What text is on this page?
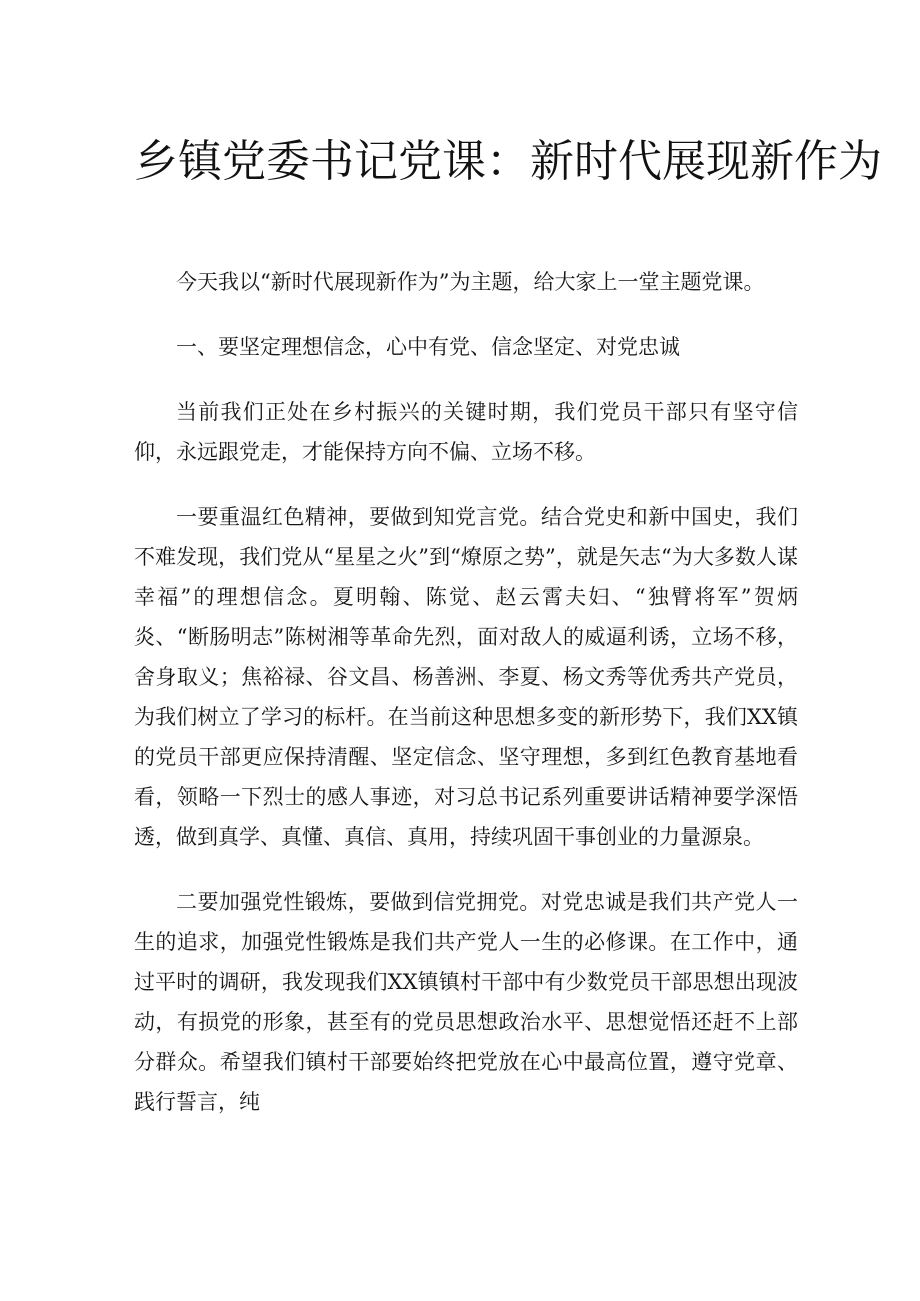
乡镇党委书记党课：新时代展现新作为

今天我以“新时代展现新作为”为主题，给大家上一堂主题党课。

一、要坚定理想信念，心中有党、信念坚定、对党忠诚

当前我们正处在乡村振兴的关键时期，我们党员干部只有坚守信仰，永远跟党走，才能保持方向不偏、立场不移。

一要重温红色精神，要做到知党言党。结合党史和新中国史，我们不难发现，我们党从“星星之火”到“燎原之势”，就是矢志“为大多数人谋幸福”的理想信念。夏明翰、陈觉、赵云霄夫妇、“独臂将军”贺炳炎、“断肠明志”陈树湘等革命先烈，面对敌人的威逼利诱，立场不移，舍身取义；焦裕禄、谷文昌、杨善洲、李夏、杨文秀等优秀共产党员，为我们树立了学习的标杆。在当前这种思想多变的新形势下，我们XX镇的党员干部更应保持清醒、坚定信念、坚守理想，多到红色教育基地看看，领略一下烈士的感人事迹，对习总书记系列重要讲话精神要学深悟透，做到真学、真懂、真信、真用，持续巩固干事创业的力量源泉。

二要加强党性锻炼，要做到信党拥党。对党忠诚是我们共产党人一生的追求，加强党性锻炼是我们共产党人一生的必修课。在工作中，通过平时的调研，我发现我们XX镇镇村干部中有少数党员干部思想出现波动，有损党的形象，甚至有的党员思想政治水平、思想觉悟还赶不上部分群众。希望我们镇村干部要始终把党放在心中最高位置，遵守党章、践行誓言，纯
